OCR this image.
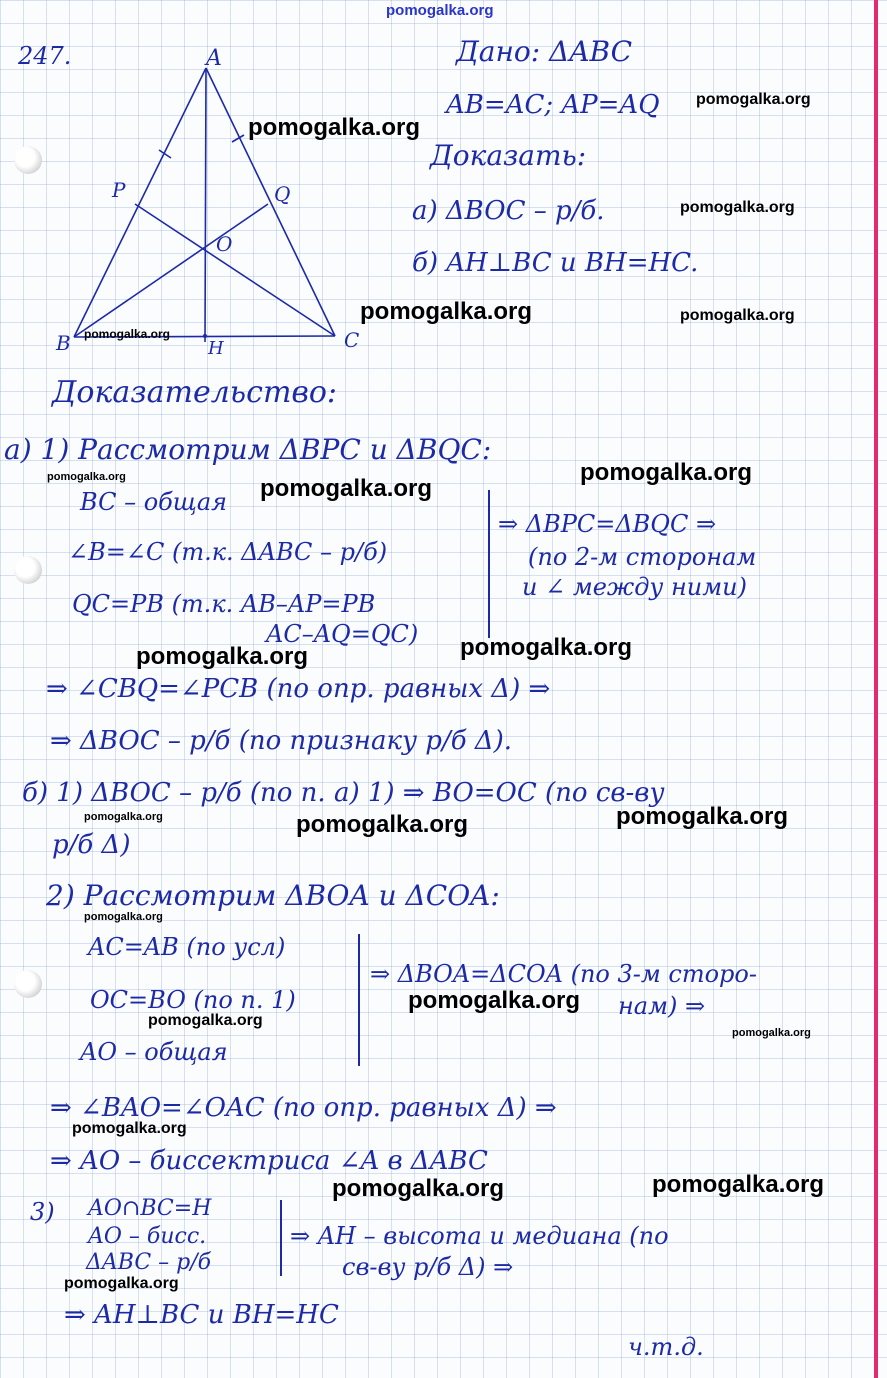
A
B	C
P	Q
O
H
247.	Дано: ΔABC
AB=AC; AP=AQ
Доказать:
а) ΔBOC – р/б.
б) AH⊥BC и BH=HC.
Доказательство:
а) 1) Рассмотрим ΔBPC и ΔBQC:
BC – общая
∠B=∠C (т.к. ΔABC – р/б)
QC=PB (т.к. AB–AP=PB
AC–AQ=QC)
⇒ ΔBPC=ΔBQC ⇒
(по 2-м сторонам
и ∠ между ними)
⇒ ∠CBQ=∠PCB (по опр. равных Δ) ⇒
⇒ ΔBOC – р/б (по признаку р/б Δ).
б) 1) ΔBOC – р/б (по п. а) 1) ⇒ BO=OC (по св-ву
р/б Δ)
2) Рассмотрим ΔBOA и ΔCOA:
AC=AB (по усл)
OC=BO (по п. 1)
AO – общая
⇒ ΔBOA=ΔCOA (по 3-м сторо-
нам) ⇒
⇒ ∠BAO=∠OAC (по опр. равных Δ) ⇒
⇒ AO – биссектриса ∠A в ΔABC
3) AO∩BC=H
AO – бисс.
ΔABC – р/б
⇒ AH – высота и медиана (по
св-ву р/б Δ) ⇒
⇒ AH⊥BC и BH=HC
ч.т.д.
pomogalka.org
pomogalka.org
pomogalka.org
pomogalka.org
pomogalka.org	pomogalka.org
pomogalka.org
pomogalka.org
pomogalka.org	pomogalka.org
pomogalka.org
pomogalka.org
pomogalka.org	pomogalka.org
pomogalka.org
pomogalka.org
pomogalka.org
pomogalka.org
pomogalka.org
pomogalka.org
pomogalka.org
pomogalka.org
pomogalka.org
